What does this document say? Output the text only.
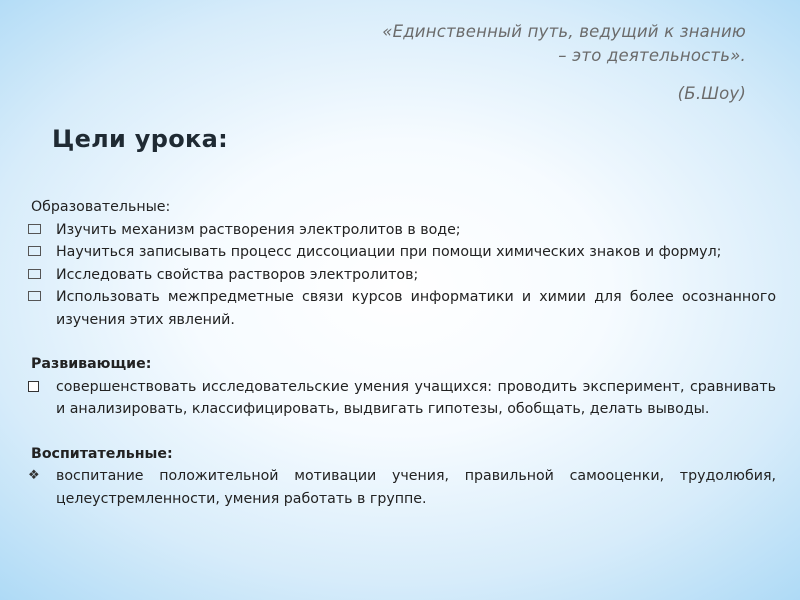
«Единственный путь, ведущий к знанию
– это деятельность».
(Б.Шоу)
Цели урока:
Образовательные:
Изучить механизм растворения электролитов в воде;
Научиться записывать процесс диссоциации при помощи химических знаков и формул;
Исследовать свойства растворов электролитов;
Использовать межпредметные связи курсов информатики и химии для более осознанного изучения этих явлений.
Развивающие:
совершенствовать исследовательские умения учащихся: проводить эксперимент, сравнивать и анализировать, классифицировать, выдвигать гипотезы, обобщать, делать выводы.
Воспитательные:
❖	воспитание положительной мотивации учения, правильной самооценки, трудолюбия, целеустремленности, умения работать в группе.
